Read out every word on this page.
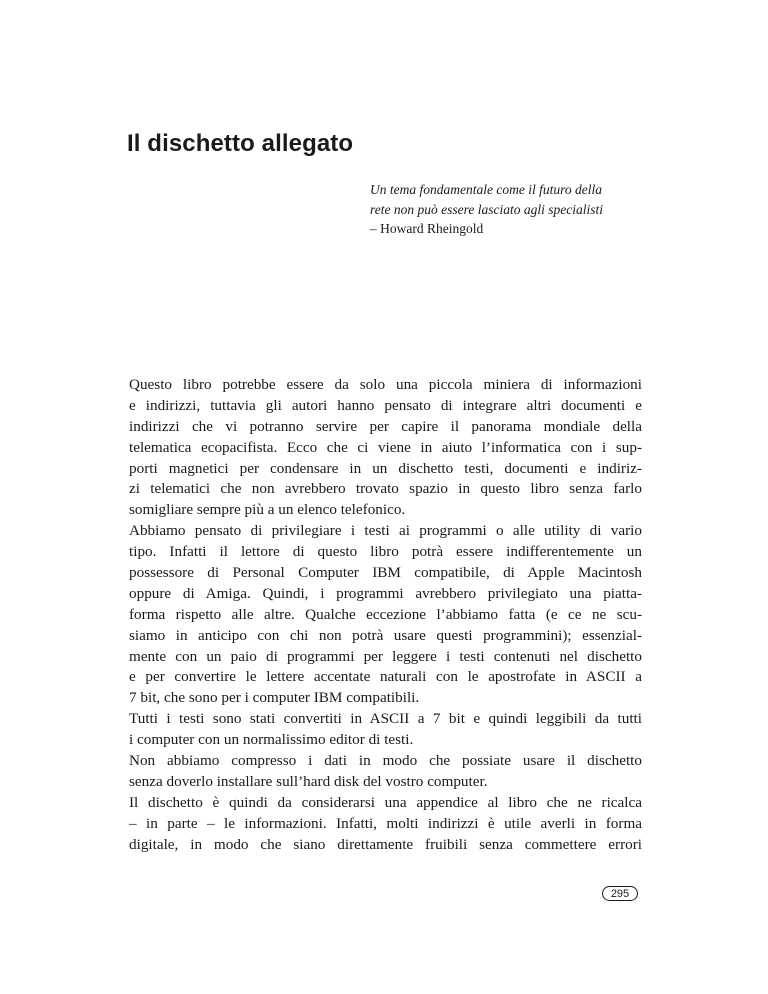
Il dischetto allegato
Un tema fondamentale come il futuro della
rete non può essere lasciato agli specialisti
– Howard Rheingold
Questo libro potrebbe essere da solo una piccola miniera di informazioni
e indirizzi, tuttavia gli autori hanno pensato di integrare altri documenti e
indirizzi che vi potranno servire per capire il panorama mondiale della
telematica ecopacifista. Ecco che ci viene in aiuto l’informatica con i sup-
porti magnetici per condensare in un dischetto testi, documenti e indiriz-
zi telematici che non avrebbero trovato spazio in questo libro senza farlo
somigliare sempre più a un elenco telefonico.
Abbiamo pensato di privilegiare i testi ai programmi o alle utility di vario
tipo. Infatti il lettore di questo libro potrà essere indifferentemente un
possessore di Personal Computer IBM compatibile, di Apple Macintosh
oppure di Amiga. Quindi, i programmi avrebbero privilegiato una piatta-
forma rispetto alle altre. Qualche eccezione l’abbiamo fatta (e ce ne scu-
siamo in anticipo con chi non potrà usare questi programmini); essenzial-
mente con un paio di programmi per leggere i testi contenuti nel dischetto
e per convertire le lettere accentate naturali con le apostrofate in ASCII a
7 bit, che sono per i computer IBM compatibili.
Tutti i testi sono stati convertiti in ASCII a 7 bit e quindi leggibili da tutti
i computer con un normalissimo editor di testi.
Non abbiamo compresso i dati in modo che possiate usare il dischetto
senza doverlo installare sull’hard disk del vostro computer.
Il dischetto è quindi da considerarsi una appendice al libro che ne ricalca
– in parte – le informazioni. Infatti, molti indirizzi è utile averli in forma
digitale, in modo che siano direttamente fruibili senza commettere errori
295
